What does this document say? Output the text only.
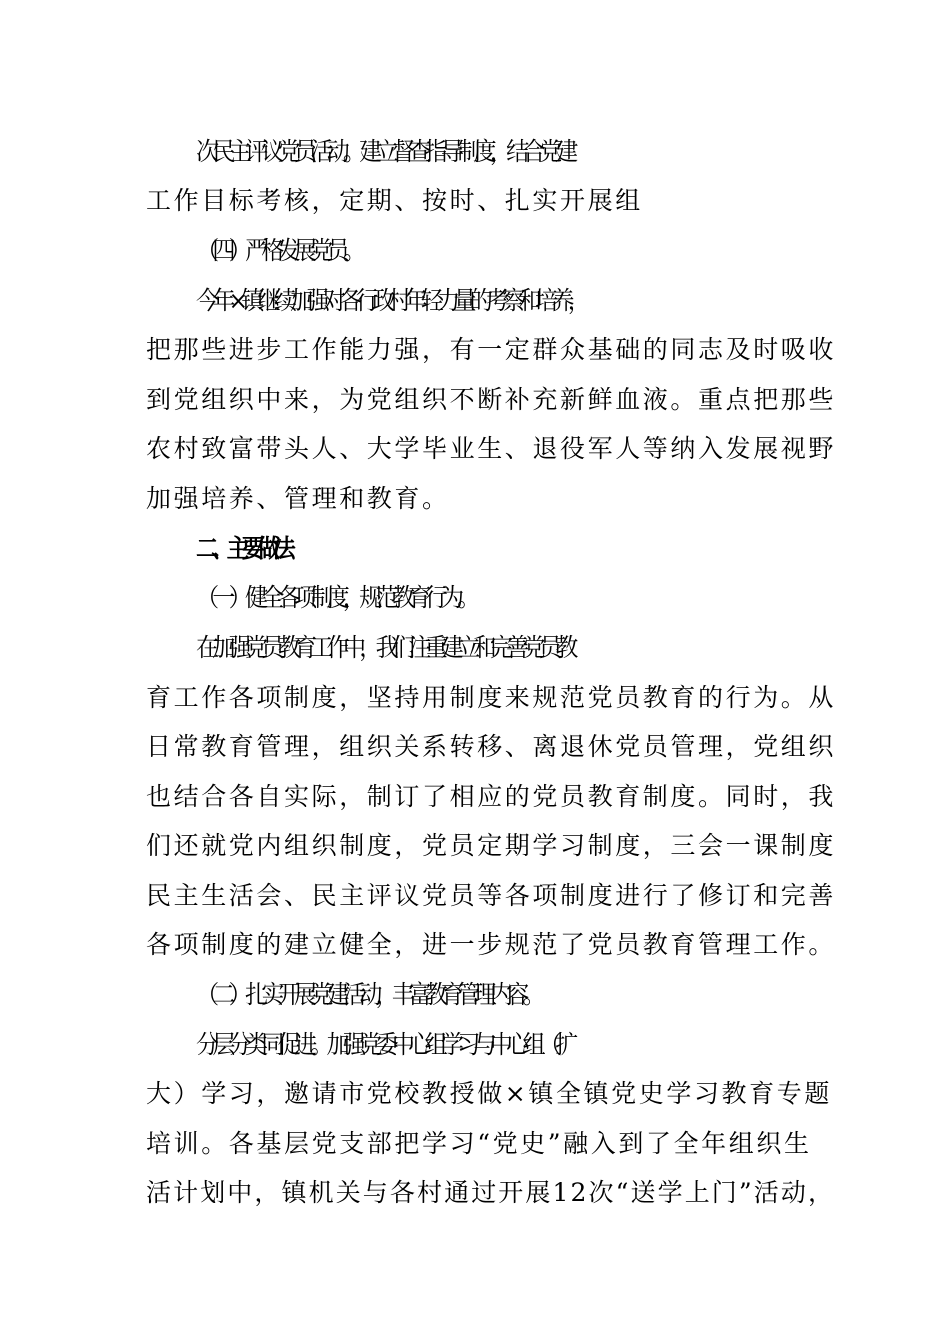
次民主评议党员活动。建立督查指导制度，结合党建
工作目标考核，定期、按时、扎实开展组
（四）严格发展党员。
今年×镇继续加强对各行政村年轻力量的考察和培养，
把那些进步工作能力强，有一定群众基础的同志及时吸收
到党组织中来，为党组织不断补充新鲜血液。重点把那些
农村致富带头人、大学毕业生、退役军人等纳入发展视野
加强培养、管理和教育。
二、主要做法
（一）健全各项制度，规范教育行为。
在加强党员教育工作中，我们注重建立和完善党员教
育工作各项制度，坚持用制度来规范党员教育的行为。从
日常教育管理，组织关系转移、离退休党员管理，党组织
也结合各自实际，制订了相应的党员教育制度。同时，我
们还就党内组织制度，党员定期学习制度，三会一课制度
民主生活会、民主评议党员等各项制度进行了修订和完善
各项制度的建立健全，进一步规范了党员教育管理工作。
（二）扎实开展党建活动，丰富教育管理内容。
分层分类同促进。加强党委中心组学习与中心组（扩
大）学习，邀请市党校教授做×镇全镇党史学习教育专题
培训。各基层党支部把学习“党史”融入到了全年组织生
活计划中，镇机关与各村通过开展12次“送学上门”活动，
